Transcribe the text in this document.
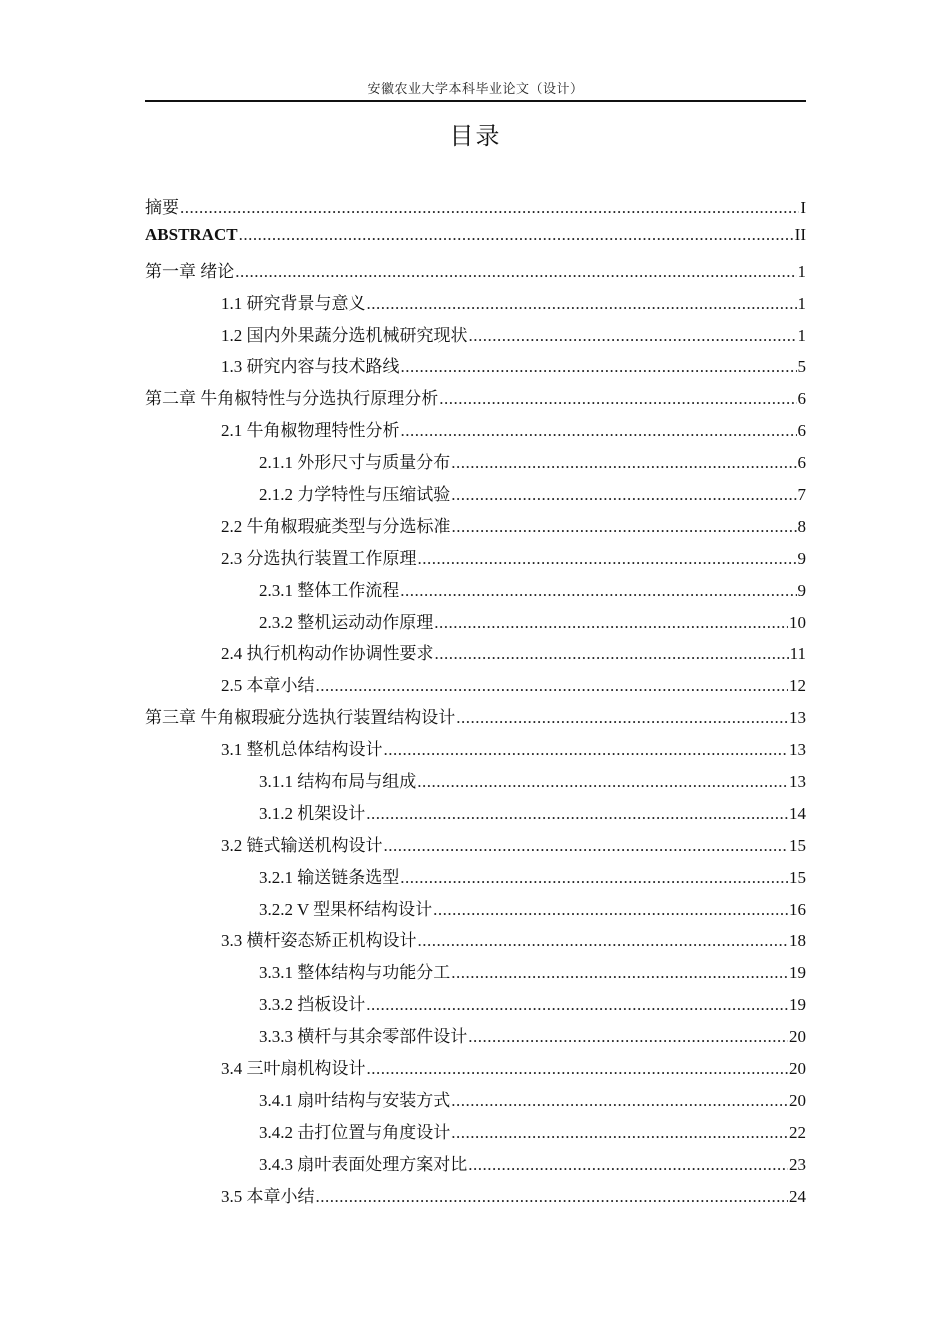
安徽农业大学本科毕业论文（设计）
目录
摘要 .....	I
ABSTRACT .....	II
第一章 绪论 .....	1
1.1 研究背景与意义 .....	1
1.2 国内外果蔬分选机械研究现状 .....	1
1.3 研究内容与技术路线 .....	5
第二章 牛角椒特性与分选执行原理分析 .....	6
2.1 牛角椒物理特性分析 .....	6
2.1.1 外形尺寸与质量分布 .....	6
2.1.2 力学特性与压缩试验 .....	7
2.2 牛角椒瑕疵类型与分选标准 .....	8
2.3 分选执行装置工作原理 .....	9
2.3.1 整体工作流程 .....	9
2.3.2 整机运动动作原理 .....	10
2.4 执行机构动作协调性要求 .....	11
2.5 本章小结 .....	12
第三章 牛角椒瑕疵分选执行装置结构设计 .....	13
3.1 整机总体结构设计 .....	13
3.1.1 结构布局与组成 .....	13
3.1.2 机架设计 .....	14
3.2 链式输送机构设计 .....	15
3.2.1 输送链条选型 .....	15
3.2.2 V 型果杯结构设计 .....	16
3.3 横杆姿态矫正机构设计 .....	18
3.3.1 整体结构与功能分工 .....	19
3.3.2 挡板设计 .....	19
3.3.3 横杆与其余零部件设计 .....	20
3.4 三叶扇机构设计 .....	20
3.4.1 扇叶结构与安装方式 .....	20
3.4.2 击打位置与角度设计 .....	22
3.4.3 扇叶表面处理方案对比 .....	23
3.5 本章小结 .....	24
